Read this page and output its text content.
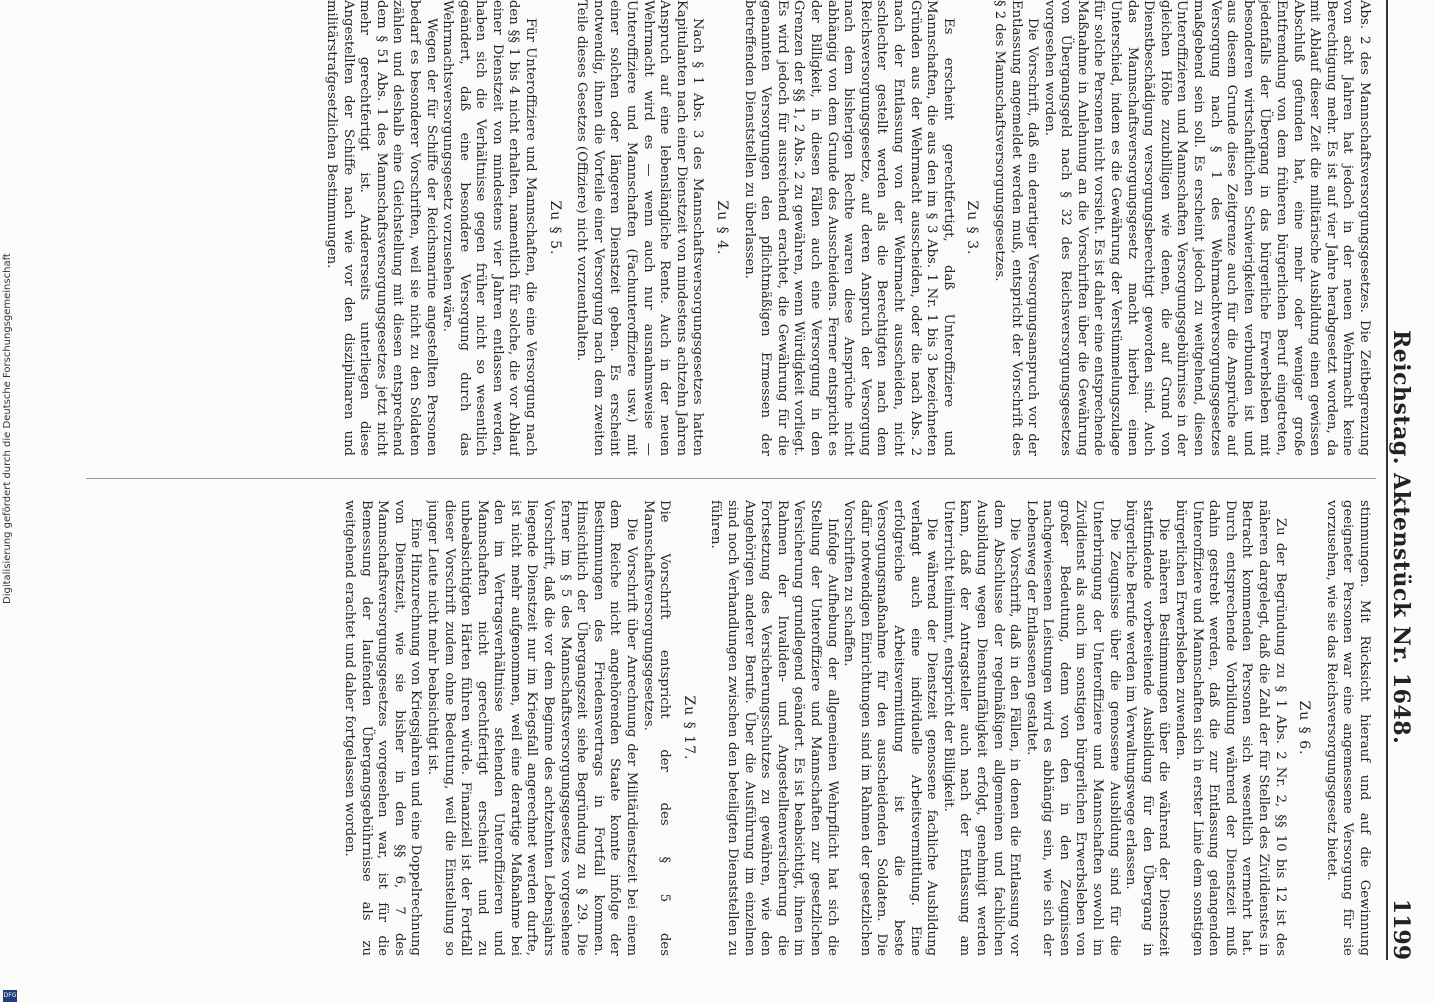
Reichstag. Aktenstück Nr. 1648.
1199

Abs. 2 des Mannschaftsversorgungsgesetzes. Die Zeitbegrenzung von acht Jahren hat jedoch in der neuen Wehrmacht keine Berechtigung mehr. Es ist auf vier Jahre herabgesetzt worden, da mit Ablauf dieser Zeit die militärische Ausbildung einen gewissen Abschluß gefunden hat, eine mehr oder weniger große Entfremdung von dem früheren bürgerlichen Beruf eingetreten, jedenfalls der Übergang in das bürgerliche Erwerbsleben mit besonderen wirtschaftlichen Schwierigkeiten verbunden ist und aus diesem Grunde diese Zeitgrenze auch für die Ansprüche auf Versorgung nach § 1 des Wehrmachtversorgungsgesetzes maßgebend sein soll. Es erscheint jedoch zu weitgehend, diesen Unteroffizieren und Mannschaften Versorgungsgebührnisse in der gleichen Höhe zuzubilligen wie denen, die auf Grund von Dienstbeschädigung versorgungsberechtigt geworden sind. Auch das Mannschaftsversorgungsgesetz macht hierbei einen Unterschied, indem es die Gewährung der Verstümmelungszulage für solche Personen nicht vorsieht. Es ist daher eine entsprechende Maßnahme in Anlehnung an die Vorschriften über die Gewährung von Übergangsgeld nach § 32 des Reichsversorgungsgesetzes vorgesehen worden.

Die Vorschrift, daß ein derartiger Versorgungsanspruch vor der Entlassung angemeldet werden muß, entspricht der Vorschrift des § 2 des Mannschaftsversorgungsgesetzes.

Zu § 3.

Es erscheint gerechtfertigt, daß Unteroffiziere und Mannschaften, die aus den im § 3 Abs. 1 Nr. 1 bis 3 bezeichneten Gründen aus der Wehrmacht ausscheiden, oder die nach Abs. 2 nach der Entlassung von der Wehrmacht ausscheiden, nicht schlechter gestellt werden als die Berechtigten nach dem Reichsversorgungsgesetze, auf deren Anspruch der Versorgung nach dem bisherigen Rechte waren diese Ansprüche nicht abhängig von dem Grunde des Ausscheidens. Ferner entspricht es der Billigkeit, in diesen Fällen auch eine Versorgung in den Grenzen der §§ 1, 2 Abs. 2 zu gewähren, wenn Würdigkeit vorliegt. Es wird jedoch für ausreichend erachtet, die Gewährung für die genannten Versorgungen den pflichtmäßigen Ermessen der betreffenden Dienststellen zu überlassen.

Zu § 4.

Nach § 1 Abs. 3 des Mannschaftsversorgungsgesetzes hatten Kapitulanten nach einer Dienstzeit von mindestens achtzehn Jahren Anspruch auf eine lebenslängliche Rente. Auch in der neuen Wehrmacht wird es — wenn auch nur ausnahmsweise — Unteroffiziere und Mannschaften (Fachunteroffiziere usw.) mit einer solchen oder längeren Dienstzeit geben. Es erscheint notwendig, ihnen die Vorteile einer Versorgung nach dem zweiten Teile dieses Gesetzes (Offiziere) nicht vorzuenthalten.

Zu § 5.

Für Unteroffiziere und Mannschaften, die eine Versorgung nach den §§ 1 bis 4 nicht erhalten, namentlich für solche, die vor Ablauf einer Dienstzeit von mindestens vier Jahren entlassen werden, haben sich die Verhältnisse gegen früher nicht so wesentlich geändert, daß eine besondere Versorgung durch das Wehrmachtsversorgungsgesetz vorzusehen wäre.

Wegen der für Schiffe der Reichsmarine angestellten Personen bedarf es besonderer Vorschriften, weil sie nicht zu den Soldaten zählen und deshalb eine Gleichstellung mit diesen entsprechend dem § 51 Abs. 1 des Mannschaftsversorgungsgesetzes jetzt nicht mehr gerechtfertigt ist. Andererseits unterliegen diese Angestellten der Schiffe nach wie vor den disziplinaren und militärstrafgesetzlichen Bestimmungen.

stimmungen. Mit Rücksicht hierauf und auf die Gewinnung geeigneter Personen war eine angemessene Versorgung für sie vorzusehen, wie sie das Reichsversorgungsgesetz bietet.

Zu § 6.

Zu der Begründung zu § 1 Abs. 2 Nr. 2, §§ 10 bis 12 ist des näheren dargelegt, daß die Zahl der für Stellen des Zivildienstes in Betracht kommenden Personen sich wesentlich vermehrt hat. Durch entsprechende Vorbildung während der Dienstzeit muß dahin gestrebt werden, daß die zur Entlassung gelangenden Unteroffiziere und Mannschaften sich in erster Linie dem sonstigen bürgerlichen Erwerbsleben zuwenden.

Die näheren Bestimmungen über die während der Dienstzeit stattfindende vorbereitende Ausbildung für den Übergang in bürgerliche Berufe werden im Verwaltungswege erlassen.

Die Zeugnisse über die genossene Ausbildung sind für die Unterbringung der Unteroffiziere und Mannschaften sowohl im Zivildienst als auch im sonstigen bürgerlichen Erwerbsleben von großer Bedeutung, denn von den in den Zeugnissen nachgewiesenen Leistungen wird es abhängig sein, wie sich der Lebensweg der Entlassenen gestaltet.

Die Vorschrift, daß in den Fällen, in denen die Entlassung vor dem Abschlusse der regelmäßigen allgemeinen und fachlichen Ausbildung wegen Dienstunfähigkeit erfolgt, genehmigt werden kann, daß der Antragsteller auch nach der Entlassung am Unterricht teilnimmt, entspricht der Billigkeit.

Die während der Dienstzeit genossene fachliche Ausbildung verlangt auch eine individuelle Arbeitsvermittlung. Eine erfolgreiche Arbeitsvermittlung ist die beste Versorgungsmaßnahme für den ausscheidenden Soldaten. Die dafür notwendigen Einrichtungen sind im Rahmen der gesetzlichen Vorschriften zu schaffen.

Infolge Aufhebung der allgemeinen Wehrpflicht hat sich die Stellung der Unteroffiziere und Mannschaften zur gesetzlichen Versicherung grundlegend geändert. Es ist beabsichtigt, ihnen im Rahmen der Invaliden- und Angestelltenversicherung die Fortsetzung des Versicherungsschutzes zu gewähren, wie den Angehörigen anderer Berufe. Über die Ausführung im einzelnen sind noch Verhandlungen zwischen den beteiligten Dienststellen zu führen.

Zu § 17.

Die Vorschrift entspricht der des § 5 des Mannschaftsversorgungsgesetzes.

Die Vorschrift über Anrechnung der Militärdienstzeit bei einem dem Reiche nicht angehörenden Staate konnte infolge der Bestimmungen des Friedensvertrags in Fortfall kommen. Hinsichtlich der Übergangszeit siehe Begründung zu § 29. Die ferner im § 5 des Mannschaftsversorgungsgesetzes vorgesehene Vorschrift, daß die vor dem Beginne des achtzehnten Lebensjahrs liegende Dienstzeit nur im Kriegsfall angerechnet werden durfte, ist nicht mehr aufgenommen, weil eine derartige Maßnahme bei den im Vertragsverhältnisse stehenden Unteroffizieren und Mannschaften nicht gerechtfertigt erscheint und zu unbeabsichtigten Härten führen würde. Finanziell ist der Fortfall dieser Vorschrift zudem ohne Bedeutung, weil die Einstellung so junger Leute nicht mehr beabsichtigt ist.

Eine Hinzurechnung von Kriegsjahren und eine Doppelrechnung von Dienstzeit, wie sie bisher in den §§ 6, 7 des Mannschaftsversorgungsgesetzes vorgesehen war, ist für die Bemessung der laufenden Übergangsgebührnisse als zu weitgehend erachtet und daher fortgelassen worden.

Digitalisierung gefördert durch die Deutsche Forschungsgemeinschaft
DFG
